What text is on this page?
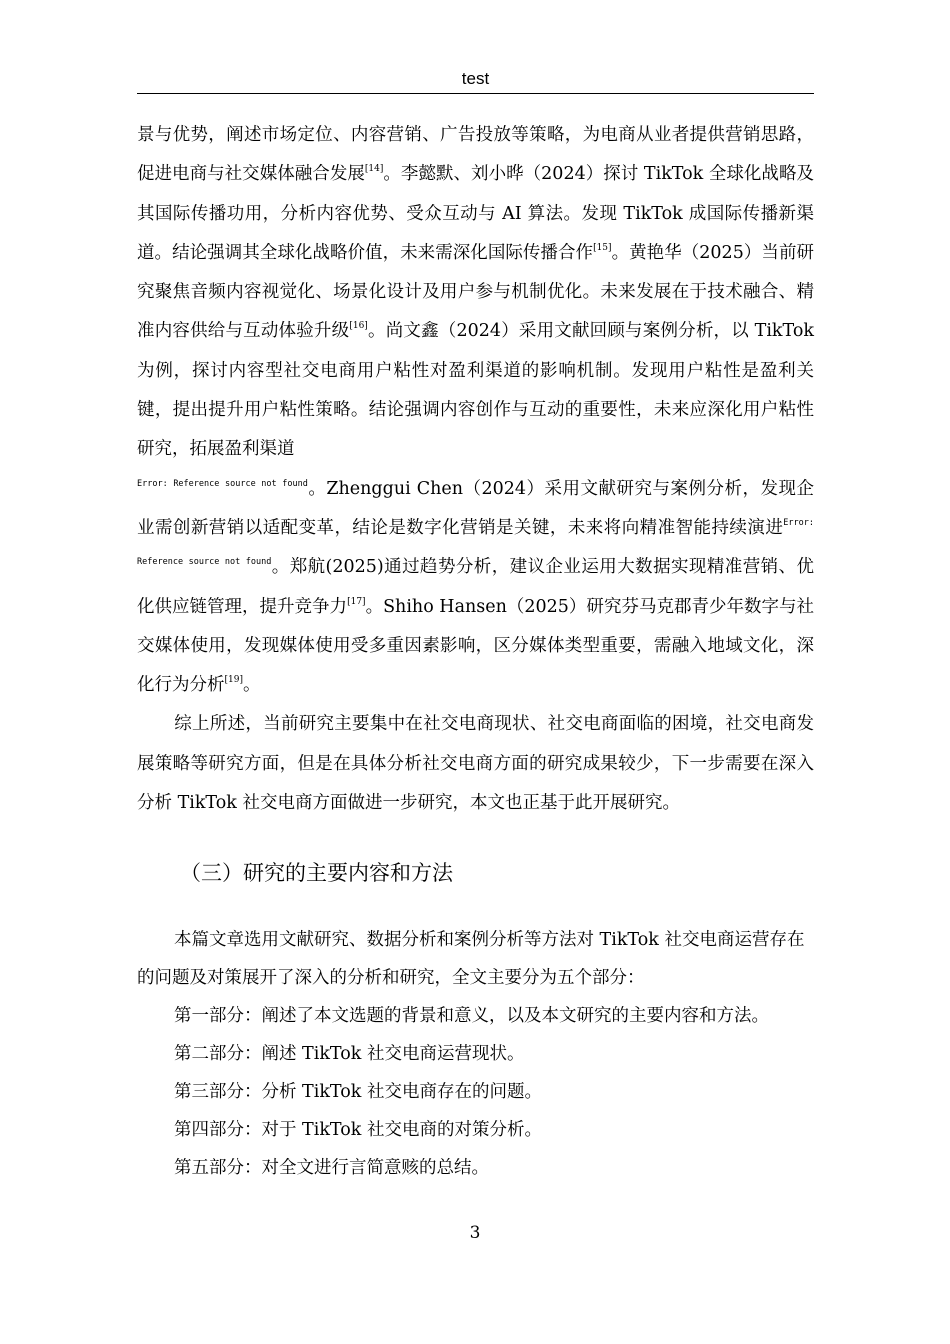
test

景与优势，阐述市场定位、内容营销、广告投放等策略，为电商从业者提供营销思路，促进电商与社交媒体融合发展[14]。李懿默、刘小晔（2024）探讨 TikTok 全球化战略及其国际传播功用，分析内容优势、受众互动与 AI 算法。发现 TikTok 成国际传播新渠道。结论强调其全球化战略价值，未来需深化国际传播合作[15]。黄艳华（2025）当前研究聚焦音频内容视觉化、场景化设计及用户参与机制优化。未来发展在于技术融合、精准内容供给与互动体验升级[16]。尚文鑫（2024）采用文献回顾与案例分析，以 TikTok 为例，探讨内容型社交电商用户粘性对盈利渠道的影响机制。发现用户粘性是盈利关键，提出提升用户粘性策略。结论强调内容创作与互动的重要性，未来应深化用户粘性研究，拓展盈利渠道
$^{Error: Reference source not found}$。Zhenggui Chen（2024）采用文献研究与案例分析，发现企业需创新营销以适配变革，结论是数字化营销是关键，未来将向精准智能持续演进$^{Error: Reference source not found}$。郑航(2025)通过趋势分析，建议企业运用大数据实现精准营销、优化供应链管理，提升竞争力[17]。Shiho Hansen（2025）研究芬马克郡青少年数字与社交媒体使用，发现媒体使用受多重因素影响，区分媒体类型重要，需融入地域文化，深化行为分析[19]。

综上所述，当前研究主要集中在社交电商现状、社交电商面临的困境，社交电商发展策略等研究方面，但是在具体分析社交电商方面的研究成果较少，下一步需要在深入分析 TikTok 社交电商方面做进一步研究，本文也正基于此开展研究。

（三）研究的主要内容和方法

本篇文章选用文献研究、数据分析和案例分析等方法对 TikTok 社交电商运营存在的问题及对策展开了深入的分析和研究，全文主要分为五个部分：

第一部分：阐述了本文选题的背景和意义，以及本文研究的主要内容和方法。

第二部分：阐述 TikTok 社交电商运营现状。

第三部分：分析 TikTok 社交电商存在的问题。

第四部分：对于 TikTok 社交电商的对策分析。

第五部分：对全文进行言简意赅的总结。

3
